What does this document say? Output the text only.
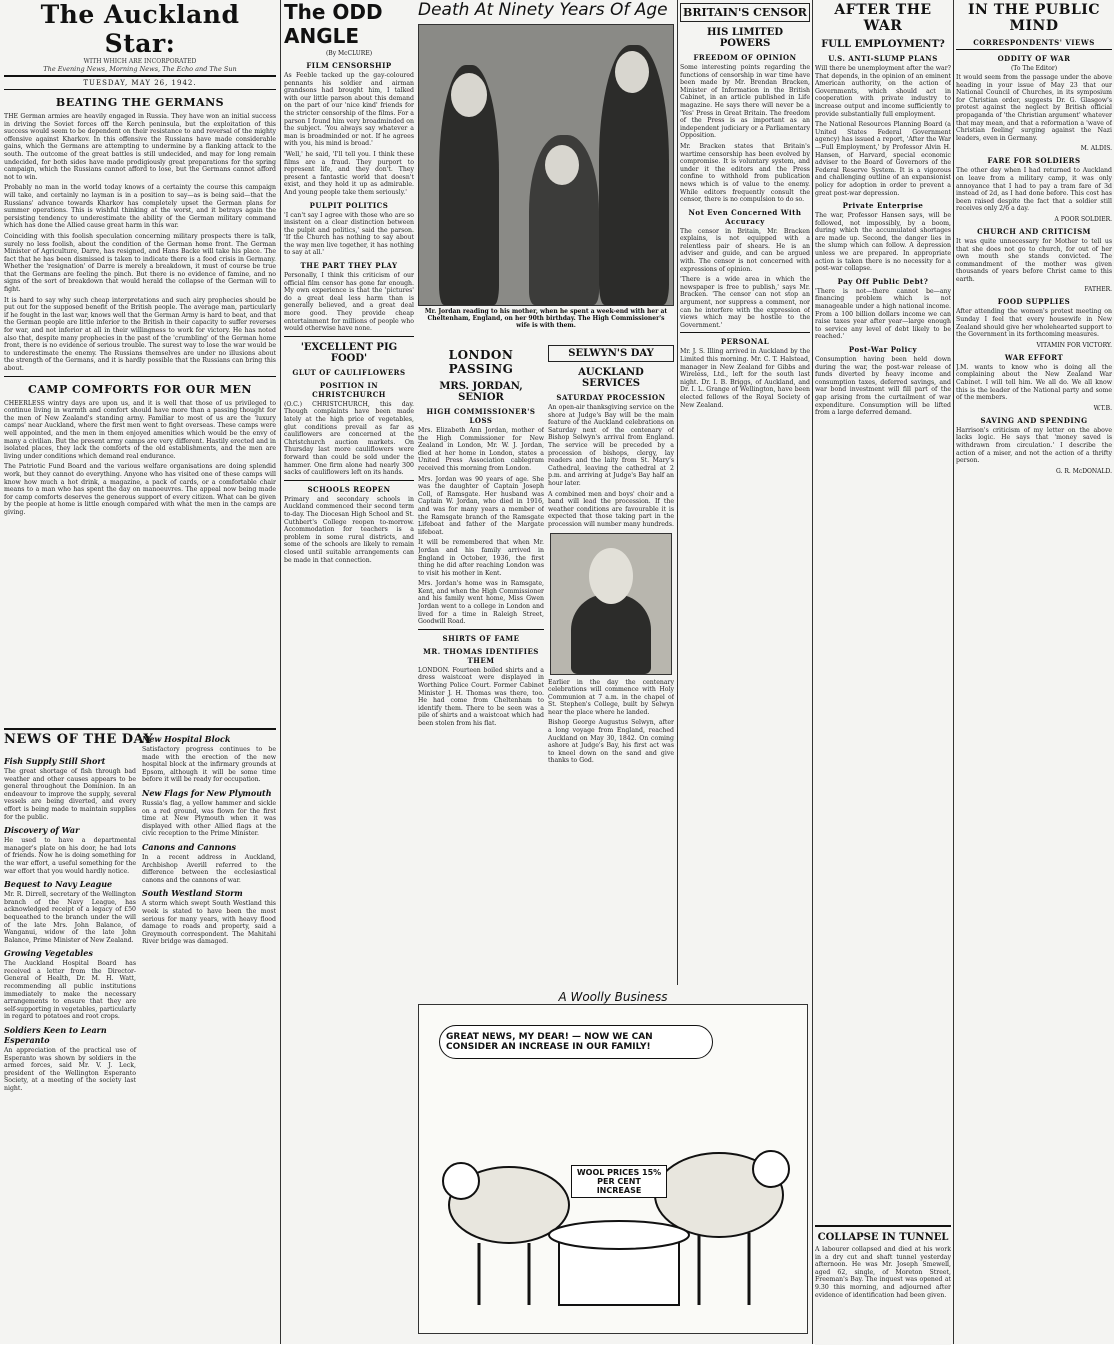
The Auckland Star:
WITH WHICH ARE INCORPORATED
The Evening News, Morning News, The Echo and The Sun
TUESDAY, MAY 26, 1942.
BEATING THE GERMANS

THE German armies are heavily engaged in Russia. They have won an initial success in driving the Soviet forces off the Kerch peninsula, but the exploitation of this success would seem to be dependent on their resistance to and reversal of the mighty offensive against Kharkov. In this offensive the Russians have made considerable gains, which the Germans are attempting to undermine by a flanking attack to the south. The outcome of the great battles is still undecided, and may for long remain undecided, for both sides have made prodigiously great preparations for the spring campaign, which the Russians cannot afford to lose, but the Germans cannot afford not to win.

Probably no man in the world today knows of a certainty the course this campaign will take, and certainly no layman is in a position to say—as is being said—that the Russians' advance towards Kharkov has completely upset the German plans for summer operations. This is wishful thinking at the worst, and it betrays again the persisting tendency to underestimate the ability of the German military command which has done the Allied cause great harm in this war.

Coinciding with this foolish speculation concerning military prospects there is talk, surely no less foolish, about the condition of the German home front. The German Minister of Agriculture, Darre, has resigned, and Hans Backe will take his place. The fact that he has been dismissed is taken to indicate there is a food crisis in Germany. Whether the 'resignation' of Darre is merely a breakdown, it must of course be true that the Germans are feeling the pinch. But there is no evidence of famine, and no signs of the sort of breakdown that would herald the collapse of the German will to fight.

It is hard to say why such cheap interpretations and such airy prophecies should be put out for the supposed benefit of the British people. The average man, particularly if he fought in the last war, knows well that the German Army is hard to beat, and that the German people are little inferior to the British in their capacity to suffer reverses for war, and not inferior at all in their willingness to work for victory. He has noted also that, despite many prophecies in the past of the 'crumbling' of the German home front, there is no evidence of serious trouble. The surest way to lose the war would be to underestimate the enemy. The Russians themselves are under no illusions about the strength of the Germans, and it is hardly possible that the Russians can bring this about.

CAMP COMFORTS FOR OUR MEN

CHEERLESS wintry days are upon us, and it is well that those of us privileged to continue living in warmth and comfort should have more than a passing thought for the men of New Zealand's standing army. Familiar to most of us are the 'luxury camps' near Auckland, where the first men went to fight overseas. These camps were well appointed, and the men in them enjoyed amenities which would be the envy of many a civilian. But the present army camps are very different. Hastily erected and in isolated places, they lack the comforts of the old establishments, and the men are living under conditions which demand real endurance.

The Patriotic Fund Board and the various welfare organisations are doing splendid work, but they cannot do everything. Anyone who has visited one of these camps will know how much a hot drink, a magazine, a pack of cards, or a comfortable chair means to a man who has spent the day on manoeuvres. The appeal now being made for camp comforts deserves the generous support of every citizen. What can be given by the people at home is little enough compared with what the men in the camps are giving.

NEWS OF THE DAY
Fish Supply Still Short

The great shortage of fish through bad weather and other causes appears to be general throughout the Dominion. In an endeavour to improve the supply, several vessels are being diverted, and every effort is being made to maintain supplies for the public.

Discovery of War

He used to have a departmental manager's plate on his door, he had lots of friends. Now he is doing something for the war effort, a useful something for the war effort that you would hardly notice.

Bequest to Navy League

Mr. R. Dirrell, secretary of the Wellington branch of the Navy League, has acknowledged receipt of a legacy of £50 bequeathed to the branch under the will of the late Mrs. John Balance, of Wanganui, widow of the late John Balance, Prime Minister of New Zealand.

Growing Vegetables

The Auckland Hospital Board has received a letter from the Director-General of Health, Dr. M. H. Watt, recommending all public institutions immediately to make the necessary arrangements to ensure that they are self-supporting in vegetables, particularly in regard to potatoes and root crops.

Soldiers Keen to Learn Esperanto

An appreciation of the practical use of Esperanto was shown by soldiers in the armed forces, said Mr. V. J. Leck, president of the Wellington Esperanto Society, at a meeting of the society last night.

New Hospital Block

Satisfactory progress continues to be made with the erection of the new hospital block at the infirmary grounds at Epsom, although it will be some time before it will be ready for occupation.

New Flags for New Plymouth

Russia's flag, a yellow hammer and sickle on a red ground, was flown for the first time at New Plymouth when it was displayed with other Allied flags at the civic reception to the Prime Minister.

Canons and Cannons

In a recent address in Auckland, Archbishop Averill referred to the difference between the ecclesiastical canons and the cannons of war.

South Westland Storm

A storm which swept South Westland this week is stated to have been the most serious for many years, with heavy flood damage to roads and property, said a Greymouth correspondent. The Mahitahi River bridge was damaged.

The ODD ANGLE
(By McCLURE)
FILM CENSORSHIP

As Feeble tacked up the gay-coloured pennants his soldier and airman grandsons had brought him, I talked with our little parson about this demand on the part of our 'nice kind' friends for the stricter censorship of the films. For a parson I found him very broadminded on the subject. 'You always say whatever a man is broadminded or not. If he agrees with you, his mind is broad.'

'Well,' he said, 'I'll tell you. I think these films are a fraud. They purport to represent life, and they don't. They present a fantastic world that doesn't exist, and they hold it up as admirable. And young people take them seriously.'

PULPIT POLITICS

'I can't say I agree with those who are so insistent on a clear distinction between the pulpit and politics,' said the parson. 'If the Church has nothing to say about the way men live together, it has nothing to say at all.'

THE PART THEY PLAY

Personally, I think this criticism of our official film censor has gone far enough. My own experience is that the 'pictures' do a great deal less harm than is generally believed, and a great deal more good. They provide cheap entertainment for millions of people who would otherwise have none.

'EXCELLENT PIG FOOD'
GLUT OF CAULIFLOWERS
POSITION IN CHRISTCHURCH

(O.C.) CHRISTCHURCH, this day. Though complaints have been made lately at the high price of vegetables, glut conditions prevail as far as cauliflowers are concerned at the Christchurch auction markets. On Thursday last more cauliflowers were forward than could be sold under the hammer. One firm alone had nearly 300 sacks of cauliflowers left on its hands.

SCHOOLS REOPEN

Primary and secondary schools in Auckland commenced their second term to-day. The Diocesan High School and St. Cuthbert's College reopen to-morrow. Accommodation for teachers is a problem in some rural districts, and some of the schools are likely to remain closed until suitable arrangements can be made in that connection.

Death At Ninety Years Of Age
Mr. Jordan reading to his mother, when he spent a week-end with her at Cheltenham, England, on her 90th birthday. The High Commissioner's wife is with them.
LONDON PASSING
MRS. JORDAN, SENIOR
HIGH COMMISSIONER'S LOSS

Mrs. Elizabeth Ann Jordan, mother of the High Commissioner for New Zealand in London, Mr. W. J. Jordan, died at her home in London, states a United Press Association cablegram received this morning from London.

Mrs. Jordan was 90 years of age. She was the daughter of Captain Joseph Coll, of Ramsgate. Her husband was Captain W. Jordan, who died in 1916, and was for many years a member of the Ramsgate branch of the Ramsgate Lifeboat and father of the Margate lifeboat.

It will be remembered that when Mr. Jordan and his family arrived in England in October, 1936, the first thing he did after reaching London was to visit his mother in Kent.

Mrs. Jordan's home was in Ramsgate, Kent, and when the High Commissioner and his family went home, Miss Gwen Jordan went to a college in London and lived for a time in Raleigh Street, Goodwill Road.

SHIRTS OF FAME
MR. THOMAS IDENTIFIES THEM

LONDON. Fourteen boiled shirts and a dress waistcoat were displayed in Worthing Police Court. Former Cabinet Minister J. H. Thomas was there, too. He had come from Cheltenham to identify them. There to be seen was a pile of shirts and a waistcoat which had been stolen from his flat.

SELWYN'S DAY
AUCKLAND SERVICES
SATURDAY PROCESSION

An open-air thanksgiving service on the shore at Judge's Bay will be the main feature of the Auckland celebrations on Saturday next of the centenary of Bishop Selwyn's arrival from England. The service will be preceded by a procession of bishops, clergy, lay readers and the laity from St. Mary's Cathedral, leaving the cathedral at 2 p.m. and arriving at Judge's Bay half an hour later.

A combined men and boys' choir and a band will lead the procession. If the weather conditions are favourable it is expected that those taking part in the procession will number many hundreds.

Earlier in the day the centenary celebrations will commence with Holy Communion at 7 a.m. in the chapel of St. Stephen's College, built by Selwyn near the place where he landed.

Bishop George Augustus Selwyn, after a long voyage from England, reached Auckland on May 30, 1842. On coming ashore at Judge's Bay, his first act was to kneel down on the sand and give thanks to God.

A Woolly Business
GREAT NEWS, MY DEAR! — NOW WE CAN CONSIDER AN INCREASE IN OUR FAMILY!
WOOL PRICES 15% PER CENT INCREASE
BRITAIN'S CENSOR
HIS LIMITED POWERS
FREEDOM OF OPINION

Some interesting points regarding the functions of censorship in war time have been made by Mr. Brendan Bracken, Minister of Information in the British Cabinet, in an article published in Life magazine. He says there will never be a 'Yes' Press in Great Britain. The freedom of the Press is as important as an independent judiciary or a Parliamentary Opposition.

Mr. Bracken states that Britain's wartime censorship has been evolved by compromise. It is voluntary system, and under it the editors and the Press confine to withhold from publication news which is of value to the enemy. While editors frequently consult the censor, there is no compulsion to do so.

Not Even Concerned With Accuracy

The censor in Britain, Mr. Bracken explains, is not equipped with a relentless pair of shears. He is an adviser and guide, and can be argued with. The censor is not concerned with expressions of opinion.

'There is a wide area in which the newspaper is free to publish,' says Mr. Bracken. 'The censor can not stop an argument, nor suppress a comment, nor can he interfere with the expression of views which may be hostile to the Government.'

PERSONAL

Mr. J. S. Illing arrived in Auckland by the Limited this morning. Mr. C. T. Halstead, manager in New Zealand for Gibbs and Wireless, Ltd., left for the south last night. Dr. I. B. Briggs, of Auckland, and Dr. I. L. Grange of Wellington, have been elected fellows of the Royal Society of New Zealand.

AFTER THE WAR
FULL EMPLOYMENT?
U.S. ANTI-SLUMP PLANS

Will there be unemployment after the war? That depends, in the opinion of an eminent American authority, on the action of Governments, which should act in cooperation with private industry to increase output and income sufficiently to provide substantially full employment.

The National Resources Planning Board (a United States Federal Government agency) has issued a report, 'After the War—Full Employment,' by Professor Alvin H. Hansen, of Harvard, special economic adviser to the Board of Governors of the Federal Reserve System. It is a vigorous and challenging outline of an expansionist policy for adoption in order to prevent a great post-war depression.

Private Enterprise

The war, Professor Hansen says, will be followed, not impossibly, by a boom, during which the accumulated shortages are made up. Second, the danger lies in the slump which can follow. A depression unless we are prepared. In appropriate action is taken there is no necessity for a post-war collapse.

Pay Off Public Debt?

'There is not—there cannot be—any financing problem which is not manageable under a high national income. From a 100 billion dollars income we can raise taxes year after year—large enough to service any level of debt likely to be reached.'

Post-War Policy

Consumption having been held down during the war, the post-war release of funds diverted by heavy income and consumption taxes, deferred savings, and war bond investment will fill part of the gap arising from the curtailment of war expenditure. Consumption will be lifted from a large deferred demand.

COLLAPSE IN TUNNEL

A labourer collapsed and died at his work in a dry cut and shaft tunnel yesterday afternoon. He was Mr. Joseph Smewell, aged 62, single, of Moreton Street, Freeman's Bay. The inquest was opened at 9.30 this morning, and adjourned after evidence of identification had been given.

IN THE PUBLIC MIND
CORRESPONDENTS' VIEWS
ODDITY OF WAR
(To The Editor)

It would seem from the passage under the above heading in your issue of May 23 that our National Council of Churches, in its symposium for Christian order, suggests Dr. G. Glasgow's protest against the neglect by British official propaganda of 'the Christian argument' whatever that may mean, and that a reformation a 'wave of Christian feeling' surging against the Nazi leaders, even in Germany.

M. ALDIS.
FARE FOR SOLDIERS

The other day when I had returned to Auckland on leave from a military camp, it was only annoyance that I had to pay a tram fare of 3d instead of 2d, as I had done before. This cost has been raised despite the fact that a soldier still receives only 2/6 a day.

A POOR SOLDIER.
CHURCH AND CRITICISM

It was quite unnecessary for Mother to tell us that she does not go to church, for out of her own mouth she stands convicted. The commandment of the mother was given thousands of years before Christ came to this earth.

FATHER.
FOOD SUPPLIES

After attending the women's protest meeting on Sunday I feel that every housewife in New Zealand should give her wholehearted support to the Government in its forthcoming measures.

VITAMIN FOR VICTORY.
WAR EFFORT

J.M. wants to know who is doing all the complaining about the New Zealand War Cabinet. I will tell him. We all do. We all know this is the leader of the National party and some of the members.

W.T.B.
SAVING AND SPENDING

Harrison's criticism of my letter on the above lacks logic. He says that 'money saved is withdrawn from circulation.' I describe the action of a miser, and not the action of a thrifty person.

G. R. McDONALD.
